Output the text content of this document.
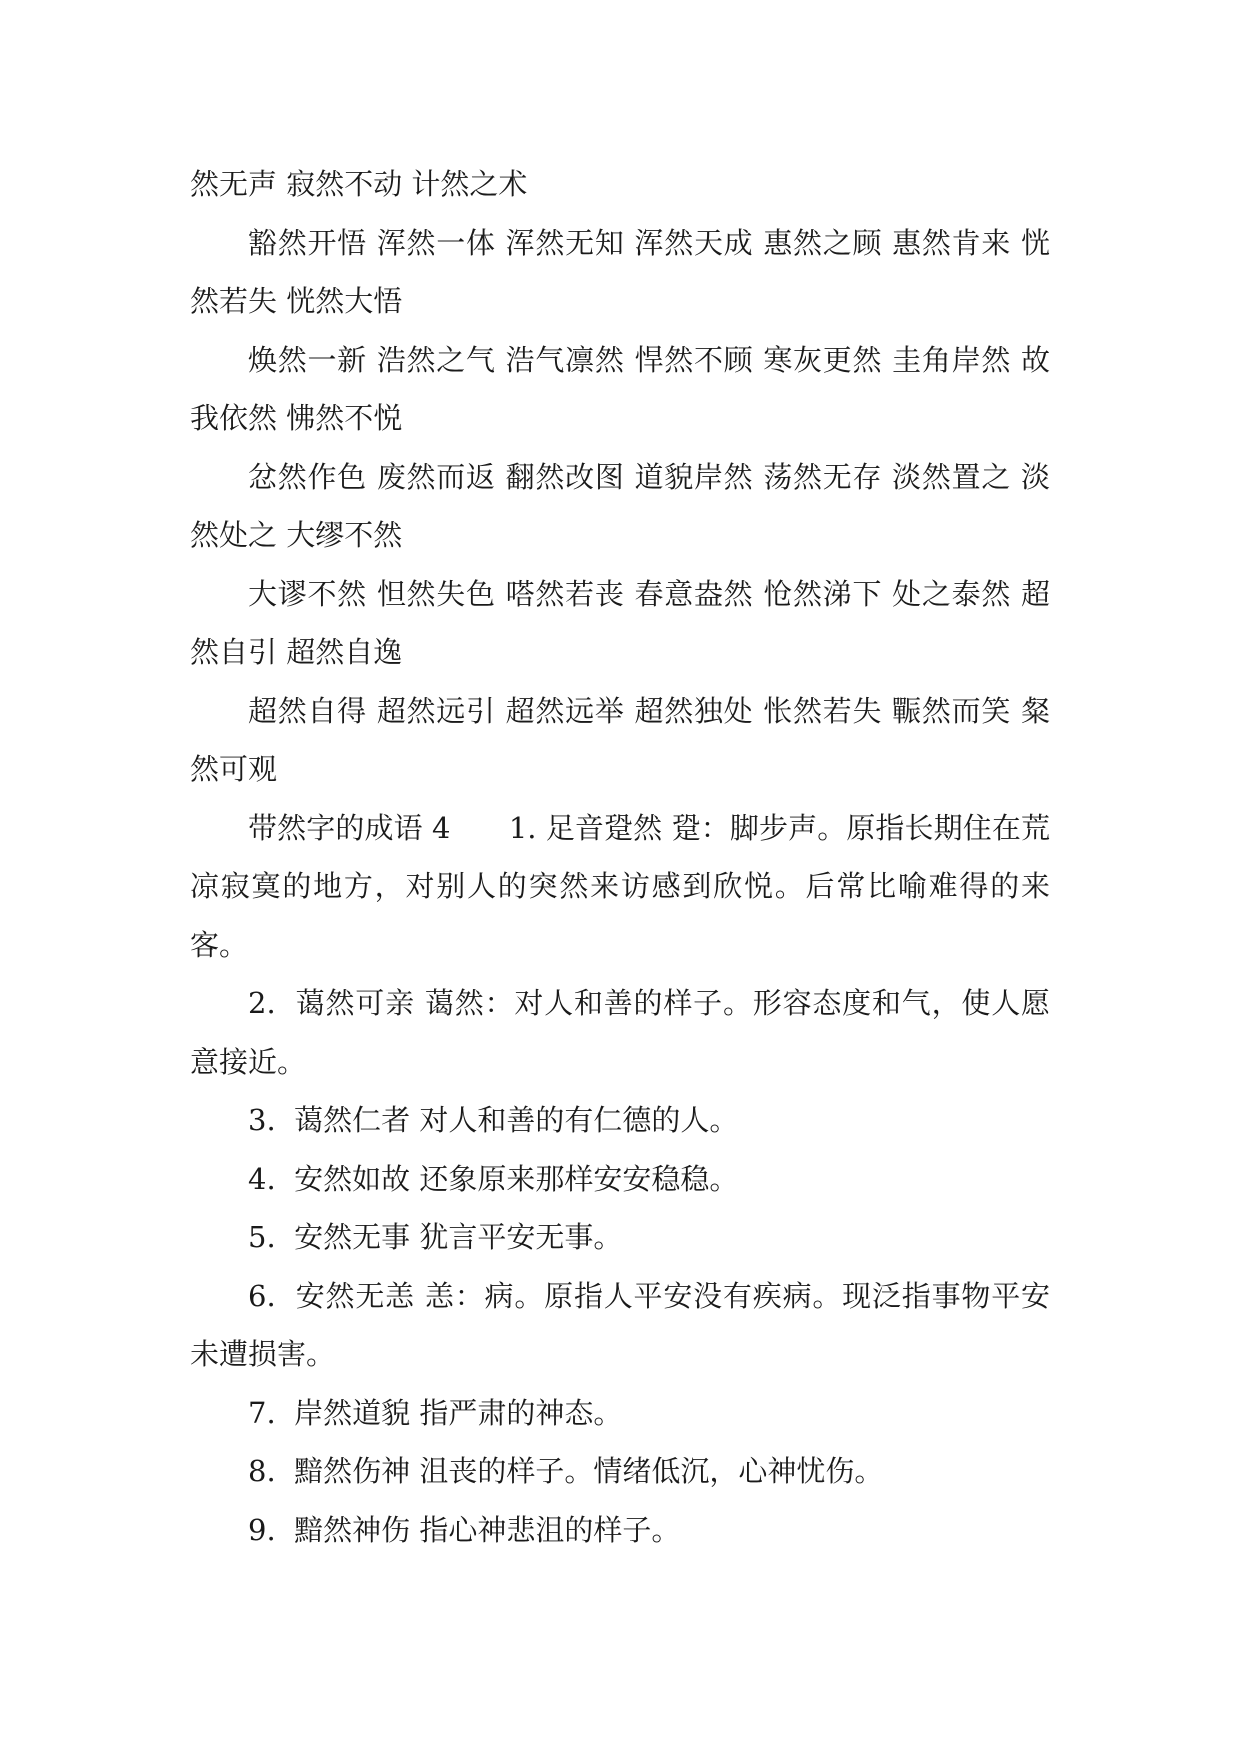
然无声 寂然不动 计然之术

豁然开悟 浑然一体 浑然无知 浑然天成 惠然之顾 惠然肯来 恍然若失 恍然大悟

焕然一新 浩然之气 浩气凛然 悍然不顾 寒灰更然 圭角岸然 故我依然 怫然不悦

忿然作色 废然而返 翻然改图 道貌岸然 荡然无存 淡然置之 淡然处之 大缪不然

大谬不然 怛然失色 嗒然若丧 春意盎然 怆然涕下 处之泰然 超然自引 超然自逸

超然自得 超然远引 超然远举 超然独处 怅然若失 辴然而笑 粲然可观

带然字的成语 4　　1. 足音跫然 跫：脚步声。原指长期住在荒凉寂寞的地方，对别人的突然来访感到欣悦。后常比喻难得的来客。

2.  蔼然可亲 蔼然：对人和善的样子。形容态度和气，使人愿意接近。

3.  蔼然仁者 对人和善的有仁德的人。

4.  安然如故 还象原来那样安安稳稳。

5.  安然无事 犹言平安无事。

6.  安然无恙 恙：病。原指人平安没有疾病。现泛指事物平安未遭损害。

7.  岸然道貌 指严肃的神态。

8.  黯然伤神 沮丧的样子。情绪低沉，心神忧伤。

9.  黯然神伤 指心神悲沮的样子。
